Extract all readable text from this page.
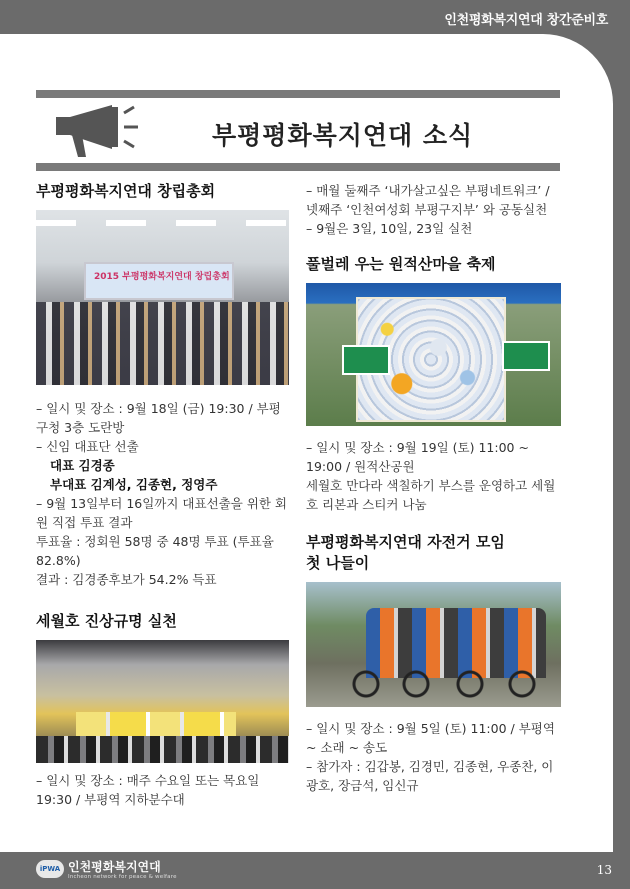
인천평화복지연대 창간준비호
부평평화복지연대 소식
부평평화복지연대 창립총회
2015 부평평화복지연대 창립총회
– 일시 및 장소 : 9월 18일 (금) 19:30 / 부평구청 3층 도란방
– 신임 대표단 선출
대표 김경종
부대표 김계성, 김종현, 정영주
– 9월 13일부터 16일까지 대표선출을 위한 회원 직접 투표 결과
투표율 : 정회원 58명 중 48명 투표 (투표율 82.8%)
결과 : 김경종후보가 54.2% 득표
세월호 진상규명 실천
– 일시 및 장소 : 매주 수요일 또는 목요일 19:30 / 부평역 지하분수대
– 매월 둘째주 ‘내가살고싶은 부평네트워크’ / 넷째주 ‘인천여성회 부평구지부’ 와 공동실천
– 9월은 3일, 10일, 23일 실천
풀벌레 우는 원적산마을 축제
– 일시 및 장소 : 9월 19일 (토) 11:00 ~ 19:00 / 원적산공원
세월호 만다라 색칠하기 부스를 운영하고 세월호 리본과 스티커 나눔
부평평화복지연대 자전거 모임
첫 나들이
– 일시 및 장소 : 9월 5일 (토) 11:00 / 부평역 ~ 소래 ~ 송도
– 참가자 : 김갑봉, 김경민, 김종현, 우종찬, 이광호, 장금석, 임신규
iPWA 인천평화복지연대
Incheon network for peace & welfare	13
